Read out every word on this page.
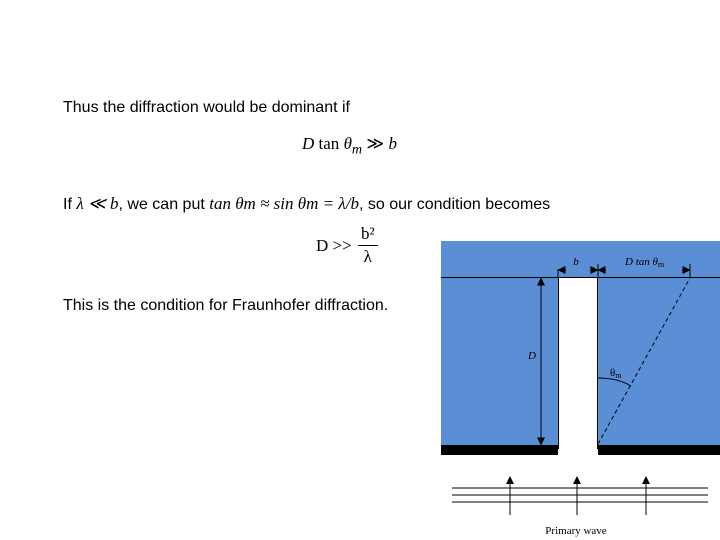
Thus the diffraction would be dominant if
D $\tan \theta_m$ ≫ b
If λ ≪ b, we can put tan θm ≈ sin θm = λ/b, so our condition becomes
$D >> \frac{\text{b²}}{\lambda}$
This is the condition for Fraunhofer diffraction.
b	D tan θm
D
θm
Primary wave
